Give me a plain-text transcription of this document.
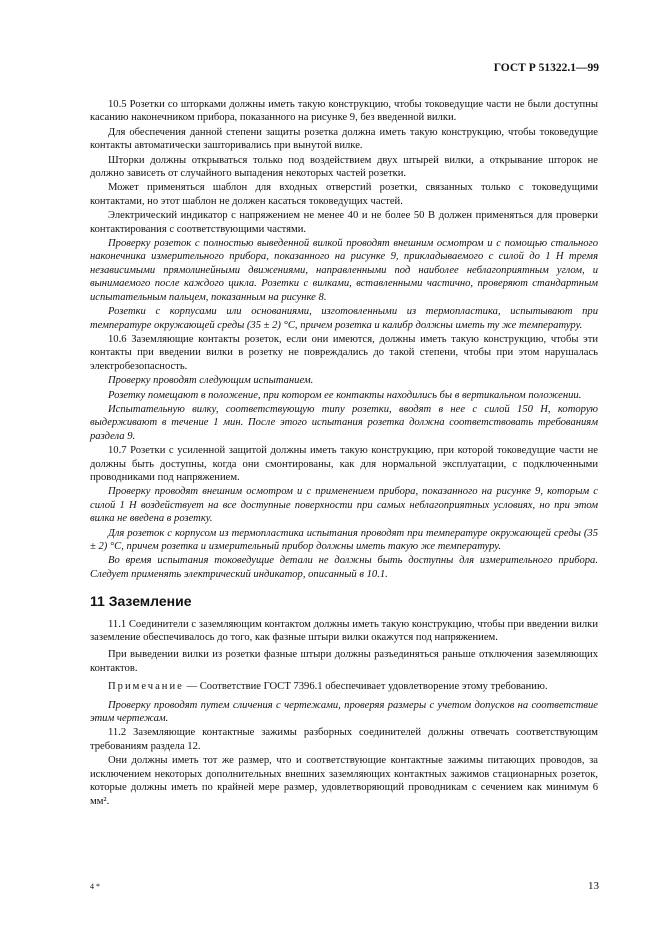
ГОСТ Р 51322.1—99

10.5 Розетки со шторками должны иметь такую конструкцию, чтобы токоведущие части не были доступны касанию наконечником прибора, показанного на рисунке 9, без введенной вилки.

Для обеспечения данной степени защиты розетка должна иметь такую конструкцию, чтобы токоведущие контакты автоматически зашторивались при вынутой вилке.

Шторки должны открываться только под воздействием двух штырей вилки, а открывание шторок не должно зависеть от случайного выпадения некоторых частей розетки.

Может применяться шаблон для входных отверстий розетки, связанных только с токоведущими контактами, но этот шаблон не должен касаться токоведущих частей.

Электрический индикатор с напряжением не менее 40 и не более 50 В должен применяться для проверки контактирования с соответствующими частями.

Проверку розеток с полностью выведенной вилкой проводят внешним осмотром и с помощью стального наконечника измерительного прибора, показанного на рисунке 9, прикладываемого с силой до 1 Н тремя независимыми прямолинейными движениями, направленными под наиболее неблагоприятным углом, и вынимаемого после каждого цикла. Розетки с вилками, вставленными частично, проверяют стандартным испытательным пальцем, показанным на рисунке 8.

Розетки с корпусами или основаниями, изготовленными из термопластика, испытывают при температуре окружающей среды (35 ± 2) °С, причем розетка и калибр должны иметь ту же температуру.

10.6 Заземляющие контакты розеток, если они имеются, должны иметь такую конструкцию, чтобы эти контакты при введении вилки в розетку не повреждались до такой степени, чтобы при этом нарушалась электробезопасность.

Проверку проводят следующим испытанием.

Розетку помещают в положение, при котором ее контакты находились бы в вертикальном положении.

Испытательную вилку, соответствующую типу розетки, вводят в нее с силой 150 Н, которую выдерживают в течение 1 мин. После этого испытания розетка должна соответствовать требованиям раздела 9.

10.7 Розетки с усиленной защитой должны иметь такую конструкцию, при которой токоведущие части не должны быть доступны, когда они смонтированы, как для нормальной эксплуатации, с подключенными проводниками под напряжением.

Проверку проводят внешним осмотром и с применением прибора, показанного на рисунке 9, которым с силой 1 Н воздействует на все доступные поверхности при самых неблагоприятных условиях, но при этом вилка не введена в розетку.

Для розеток с корпусом из термопластика испытания проводят при температуре окружающей среды (35 ± 2) °С, причем розетка и измерительный прибор должны иметь такую же температуру.

Во время испытания токоведущие детали не должны быть доступны для измерительного прибора. Следует применять электрический индикатор, описанный в 10.1.

11 Заземление

11.1 Соединители с заземляющим контактом должны иметь такую конструкцию, чтобы при введении вилки заземление обеспечивалось до того, как фазные штыри вилки окажутся под напряжением.

При выведении вилки из розетки фазные штыри должны разъединяться раньше отключения заземляющих контактов.

Примечание — Соответствие ГОСТ 7396.1 обеспечивает удовлетворение этому требованию.

Проверку проводят путем сличения с чертежами, проверяя размеры с учетом допусков на соответствие этим чертежам.

11.2 Заземляющие контактные зажимы разборных соединителей должны отвечать соответствующим требованиям раздела 12.

Они должны иметь тот же размер, что и соответствующие контактные зажимы питающих проводов, за исключением некоторых дополнительных внешних заземляющих контактных зажимов стационарных розеток, которые должны иметь по крайней мере размер, удовлетворяющий проводникам с сечением как минимум 6 мм².

4 *	13
